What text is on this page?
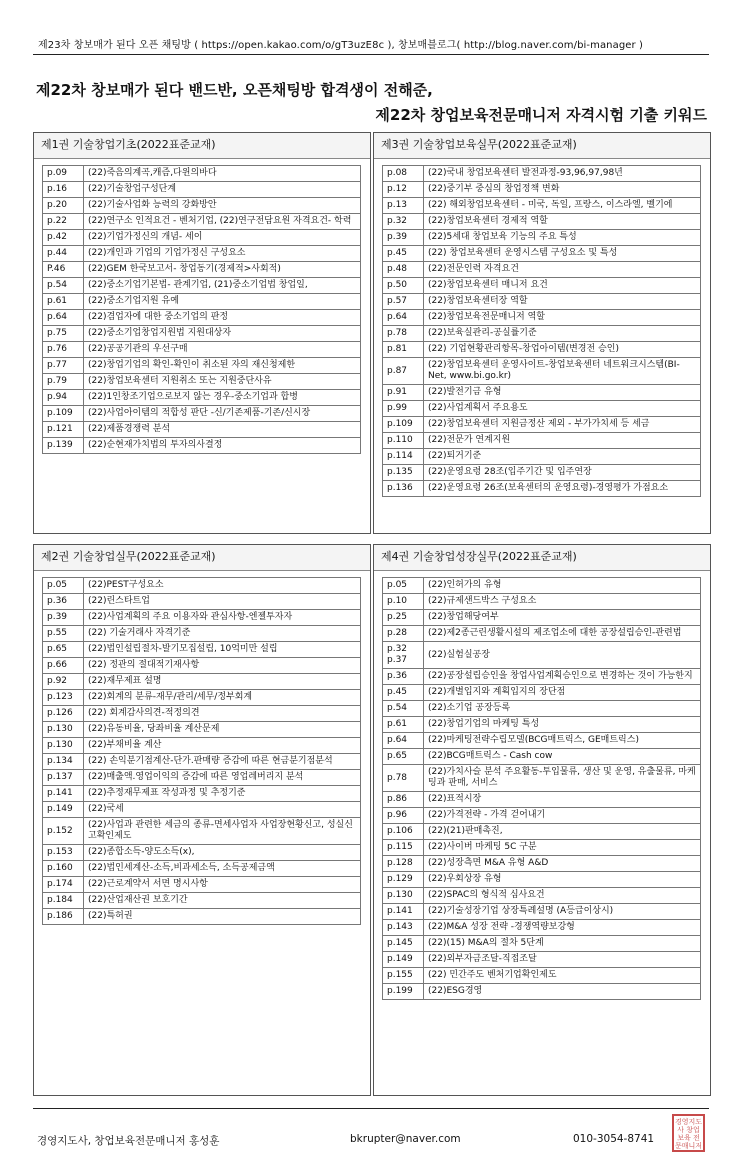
제23차 창보매가 된다 오픈 채팅방 ( https://open.kakao.com/o/gT3uzE8c ), 창보매블로그( http://blog.naver.com/bi-manager )
제22차 창보매가 된다 밴드반, 오픈채팅방 합격생이 전해준,
제22차 창업보육전문매니저 자격시험 기출 키워드
제1권 기술창업기초(2022표준교재)
p.09	(22)죽음의계곡,캐즘,다윈의바다
p.16	(22)기술창업구성단계
p.20	(22)기술사업화 능력의 강화방안
p.22	(22)연구소 인적요건 - 벤처기업, (22)연구전담요원 자격요건- 학력
p.42	(22)기업가정신의 개념- 세이
p.44	(22)개인과 기업의 기업가정신 구성요소
P.46	(22)GEM 한국보고서- 창업동기(경제적>사회적)
p.54	(22)중소기업기본법- 관계기업, (21)중소기업법 창업일,
p.61	(22)중소기업지원 유예
p.64	(22)겸업자에 대한 중소기업의 판정
p.75	(22)중소기업창업지원법 지원대상자
p.76	(22)공공기관의 우선구매
p.77	(22)창업기업의 확인-확인이 취소된 자의 재신청제한
p.79	(22)창업보육센터 지원취소 또는 지원중단사유
p.94	(22)1인창조기업으로보지 않는 경우-중소기업과 합병
p.109	(22)사업아이템의 적합성 판단 -신/기존제품-기존/신시장
p.121	(22)제품경쟁력 분석
p.139	(22)순현재가치법의 투자의사결정
제3권 기술창업보육실무(2022표준교재)
p.08	(22)국내 창업보육센터 발전과정-93,96,97,98년
p.12	(22)중기부 중심의 창업정책 변화
p.13	(22) 해외창업보육센터 - 미국, 독일, 프랑스, 이스라엘, 벨기에
p.32	(22)창업보육센터 경제적 역할
p.39	(22)5세대 창업보육 기능의 주요 특성
p.45	(22) 창업보육센터 운영시스템 구성요소 및 특성
p.48	(22)전문인력 자격요건
p.50	(22)창업보육센터 매니저 요건
p.57	(22)창업보육센터장 역할
p.64	(22)창업보육전문매니저 역할
p.78	(22)보육실관리-공실률기준
p.81	(22) 기업현황관리항목-창업아이템(변경전 승인)
p.87	(22)창업보육센터 운영사이트-창업보육센터 네트워크시스템(BI-Net, www.bi.go.kr)
p.91	(22)발전기금 유형
p.99	(22)사업계획서 주요용도
p.109	(22)창업보육센터 지원금정산 제외 - 부가가치세 등 세금
p.110	(22)전문가 연계지원
p.114	(22)퇴거기준
p.135	(22)운영요령 28조(입주기간 및 입주연장
p.136	(22)운영요령 26조(보육센터의 운영요령)-경영평가 가점요소
제2권 기술창업실무(2022표준교재)
p.05	(22)PEST구성요소
p.36	(22)린스타트업
p.39	(22)사업계획의 주요 이용자와 관심사항-엔젤투자자
p.55	(22) 기술거래사 자격기준
p.65	(22)법인설립절차-발기모집설립, 10억미만 설립
p.66	(22) 정관의 절대적기재사항
p.92	(22)재무제표 설명
p.123	(22)회계의 분류-재무/관리/세무/정부회계
p.126	(22) 회계감사의견-적정의견
p.130	(22)유동비율, 당좌비율 계산문제
p.130	(22)부채비율 계산
p.134	(22) 손익분기점계산-단가.판매량 증감에 따른 현금분기점분석
p.137	(22)매출액.영업이익의 증감에 따른 영업레버리지 분석
p.141	(22)추정재무제표 작성과정 및 추정기준
p.149	(22)국세
p.152	(22)사업과 관련한 세금의 종류-면세사업자 사업장현황신고, 성실신고확인제도
p.153	(22)종합소득-양도소득(x),
p.160	(22)법인세계산-소득,비과세소득, 소득공제금액
p.174	(22)근로계약서 서면 명시사항
p.184	(22)산업재산권 보호기간
p.186	(22)특허권
제4권 기술창업성장실무(2022표준교재)
p.05	(22)인허가의 유형
p.10	(22)규제샌드박스 구성요소
p.25	(22)창업해당여부
p.28	(22)제2종근린생활시설의 제조업소에 대한 공장설립승인-관련법
p.32 p.37	(22)실험실공장
p.36	(22)공장설립승인을 창업사업계획승인으로 변경하는 것이 가능한지
p.45	(22)개별입지와 계획입지의 장단점
p.54	(22)소기업 공장등록
p.61	(22)창업기업의 마케팅 특성
p.64	(22)마케팅전략수립모델(BCG매트릭스, GE매트릭스)
p.65	(22)BCG매트릭스 - Cash cow
p.78	(22)가치사슬 분석 주요활동-투입물류, 생산 및 운영, 유출물류, 마케팅과 판매, 서비스
p.86	(22)표적시장
p.96	(22)가격전략 - 가격 걷어내기
p.106	(22)(21)판매촉진,
p.115	(22)사이버 마케팅 5C 구분
p.128	(22)성장측면 M&A 유형 A&D
p.129	(22)우회상장 유형
p.130	(22)SPAC의 형식적 심사요건
p.141	(22)기술성장기업 상장특례설명 (A등급이상시)
p.143	(22)M&A 성장 전략 -경쟁역량보강형
p.145	(22)(15) M&A의 절차 5단계
p.149	(22)외부자금조달-직접조달
p.155	(22) 민간주도 벤처기업확인제도
p.199	(22)ESG경영
경영지도사, 창업보육전문매니저 홍성훈	bkrupter@naver.com	010-3054-8741
경영지도사 창업보육 전문매니저
